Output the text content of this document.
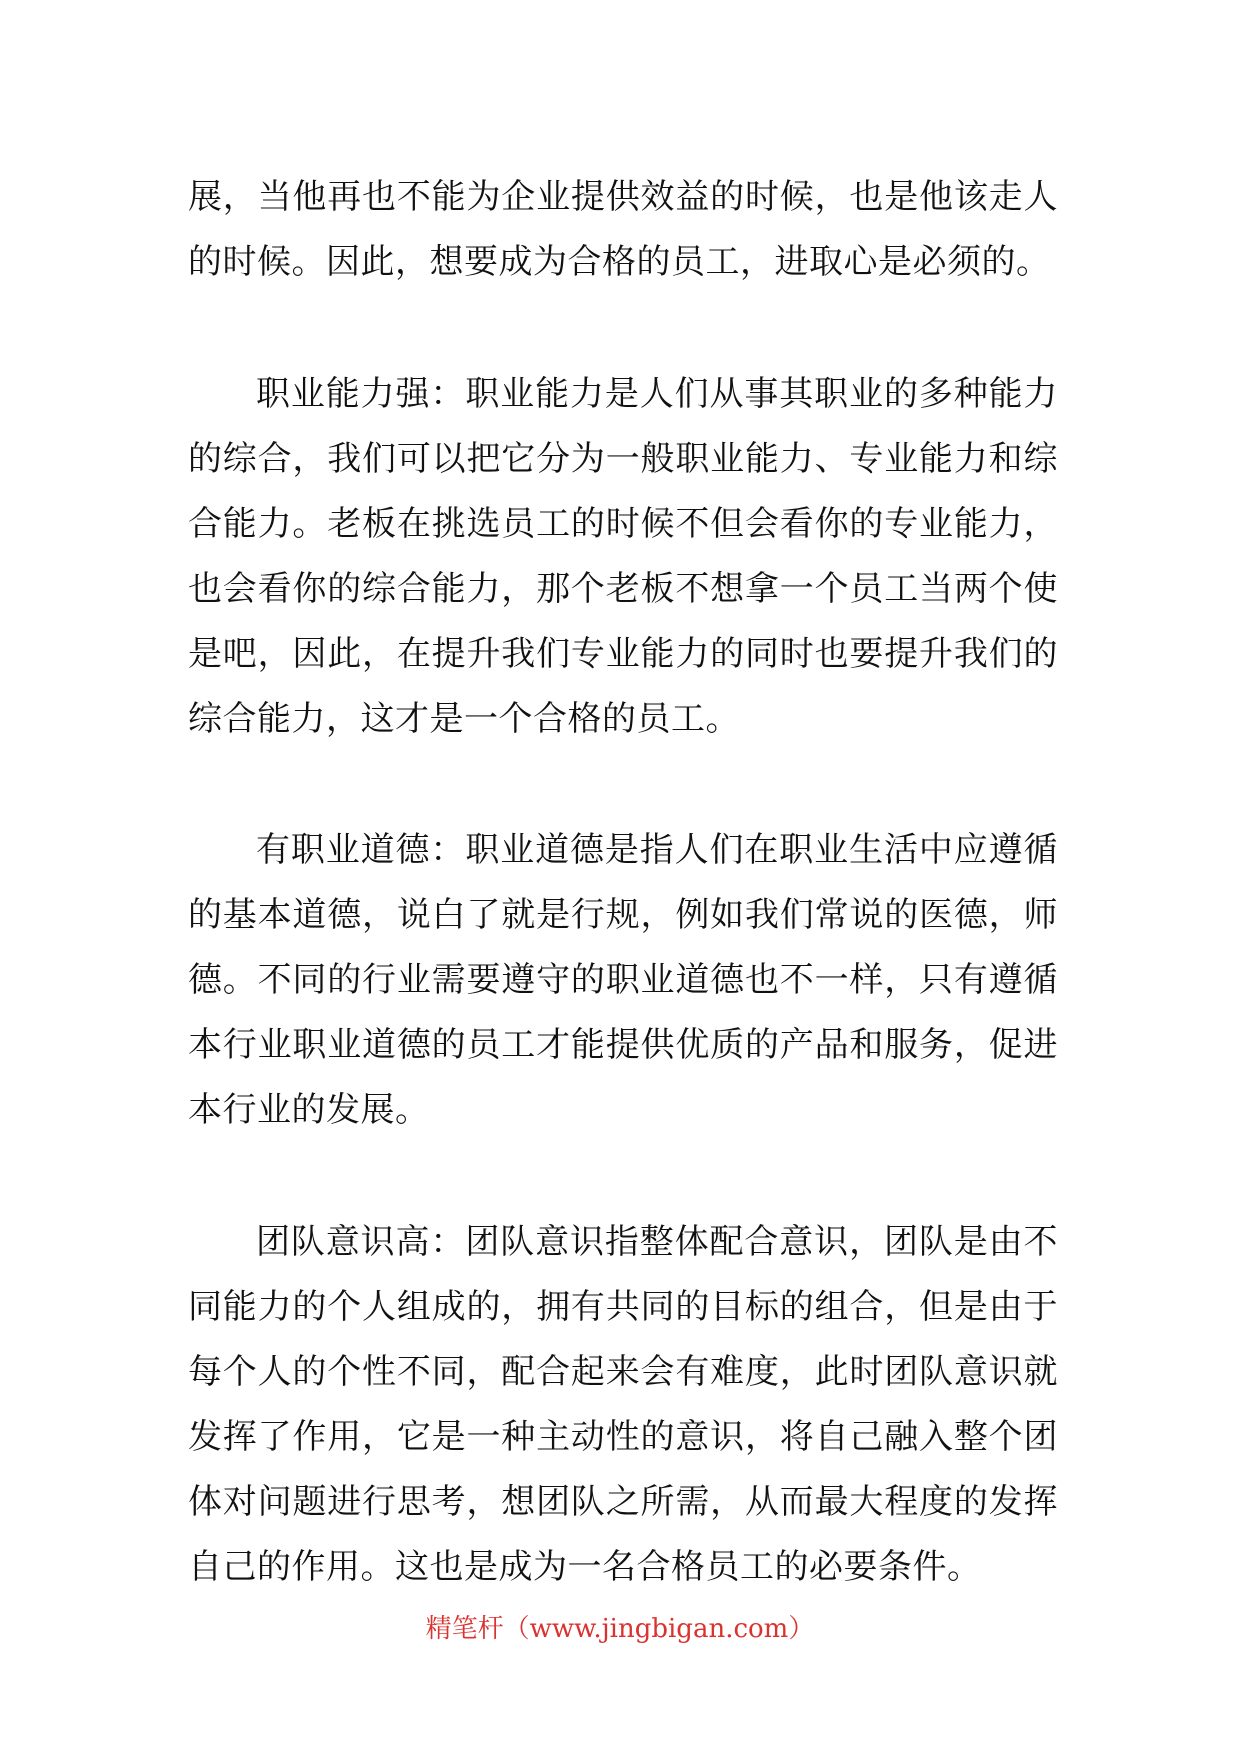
展，当他再也不能为企业提供效益的时候，也是他该走人的时候。因此，想要成为合格的员工，进取心是必须的。
职业能力强：职业能力是人们从事其职业的多种能力的综合，我们可以把它分为一般职业能力、专业能力和综合能力。老板在挑选员工的时候不但会看你的专业能力，也会看你的综合能力，那个老板不想拿一个员工当两个使是吧，因此，在提升我们专业能力的同时也要提升我们的综合能力，这才是一个合格的员工。
有职业道德：职业道德是指人们在职业生活中应遵循的基本道德，说白了就是行规，例如我们常说的医德，师德。不同的行业需要遵守的职业道德也不一样，只有遵循本行业职业道德的员工才能提供优质的产品和服务，促进本行业的发展。
团队意识高：团队意识指整体配合意识，团队是由不同能力的个人组成的，拥有共同的目标的组合，但是由于每个人的个性不同，配合起来会有难度，此时团队意识就发挥了作用，它是一种主动性的意识，将自己融入整个团体对问题进行思考，想团队之所需，从而最大程度的发挥自己的作用。这也是成为一名合格员工的必要条件。
精笔杆（www.jingbigan.com）
